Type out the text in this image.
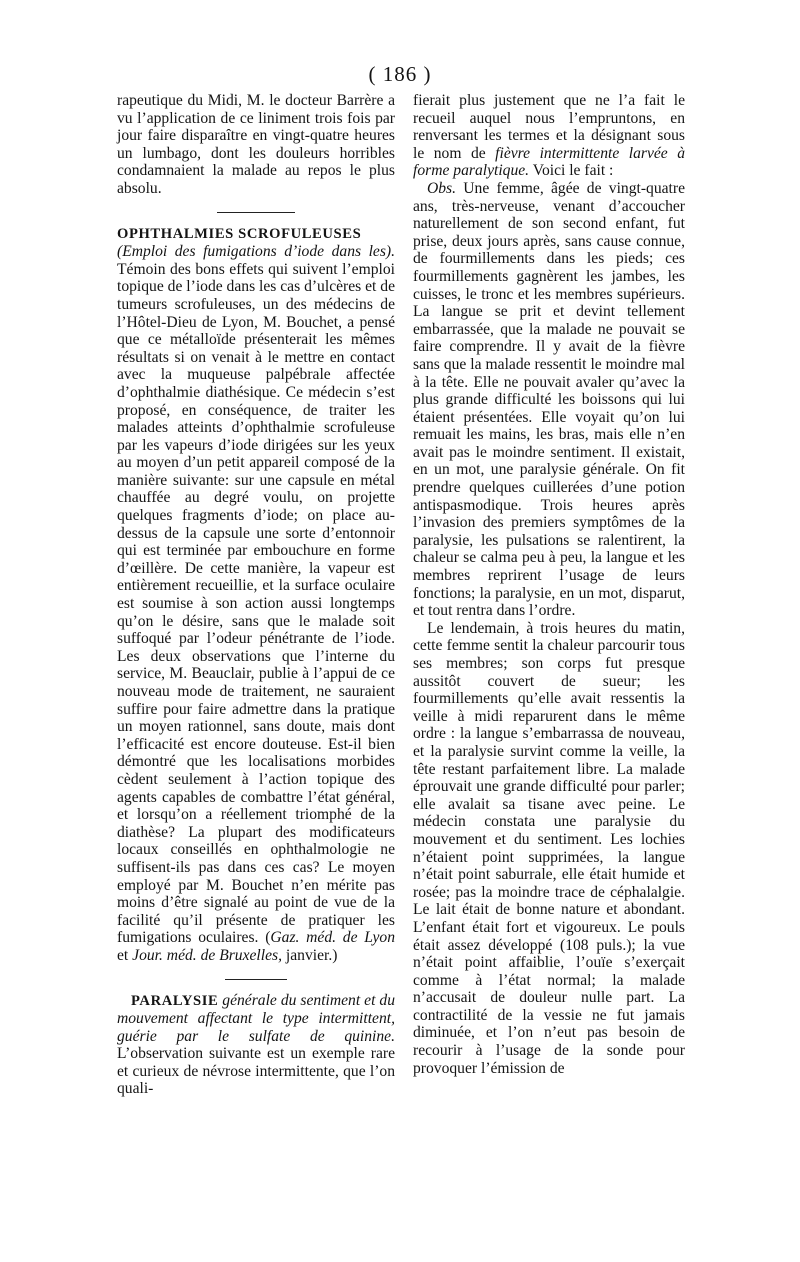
( 186 )

rapeutique du Midi, M. le docteur Barrère a vu l’application de ce liniment trois fois par jour faire disparaître en vingt-quatre heures un lumbago, dont les douleurs horribles condamnaient la malade au repos le plus absolu.

OPHTHALMIES SCROFULEUSES
(Emploi des fumigations d’iode dans les). Témoin des bons effets qui suivent l’emploi topique de l’iode dans les cas d’ulcères et de tumeurs scrofuleuses, un des médecins de l’Hôtel-Dieu de Lyon, M. Bouchet, a pensé que ce métalloïde présenterait les mêmes résultats si on venait à le mettre en contact avec la muqueuse palpébrale affectée d’ophthalmie diathésique. Ce médecin s’est proposé, en conséquence, de traiter les malades atteints d’ophthalmie scrofuleuse par les vapeurs d’iode dirigées sur les yeux au moyen d’un petit appareil composé de la manière suivante: sur une capsule en métal chauffée au degré voulu, on projette quelques fragments d’iode; on place au-dessus de la capsule une sorte d’entonnoir qui est terminée par embouchure en forme d’œillère. De cette manière, la vapeur est entièrement recueillie, et la surface oculaire est soumise à son action aussi longtemps qu’on le désire, sans que le malade soit suffoqué par l’odeur pénétrante de l’iode. Les deux observations que l’interne du service, M. Beauclair, publie à l’appui de ce nouveau mode de traitement, ne sauraient suffire pour faire admettre dans la pratique un moyen rationnel, sans doute, mais dont l’efficacité est encore douteuse. Est-il bien démontré que les localisations morbides cèdent seulement à l’action topique des agents capables de combattre l’état général, et lorsqu’on a réellement triomphé de la diathèse? La plupart des modificateurs locaux conseillés en ophthalmologie ne suffisent-ils pas dans ces cas? Le moyen employé par M. Bouchet n’en mérite pas moins d’être signalé au point de vue de la facilité qu’il présente de pratiquer les fumigations oculaires. (Gaz. méd. de Lyon et Jour. méd. de Bruxelles, janvier.)

PARALYSIE générale du sentiment et du mouvement affectant le type intermittent, guérie par le sulfate de quinine. L’observation suivante est un exemple rare et curieux de névrose intermittente, que l’on quali-

fierait plus justement que ne l’a fait le recueil auquel nous l’empruntons, en renversant les termes et la désignant sous le nom de fièvre intermittente larvée à forme paralytique. Voici le fait :

Obs. Une femme, âgée de vingt-quatre ans, très-nerveuse, venant d’accoucher naturellement de son second enfant, fut prise, deux jours après, sans cause connue, de fourmillements dans les pieds; ces fourmillements gagnèrent les jambes, les cuisses, le tronc et les membres supérieurs. La langue se prit et devint tellement embarrassée, que la malade ne pouvait se faire comprendre. Il y avait de la fièvre sans que la malade ressentit le moindre mal à la tête. Elle ne pouvait avaler qu’avec la plus grande difficulté les boissons qui lui étaient présentées. Elle voyait qu’on lui remuait les mains, les bras, mais elle n’en avait pas le moindre sentiment. Il existait, en un mot, une paralysie générale. On fit prendre quelques cuillerées d’une potion antispasmodique. Trois heures après l’invasion des premiers symptômes de la paralysie, les pulsations se ralentirent, la chaleur se calma peu à peu, la langue et les membres reprirent l’usage de leurs fonctions; la paralysie, en un mot, disparut, et tout rentra dans l’ordre.

Le lendemain, à trois heures du matin, cette femme sentit la chaleur parcourir tous ses membres; son corps fut presque aussitôt couvert de sueur; les fourmillements qu’elle avait ressentis la veille à midi reparurent dans le même ordre : la langue s’embarrassa de nouveau, et la paralysie survint comme la veille, la tête restant parfaitement libre. La malade éprouvait une grande difficulté pour parler; elle avalait sa tisane avec peine. Le médecin constata une paralysie du mouvement et du sentiment. Les lochies n’étaient point supprimées, la langue n’était point saburrale, elle était humide et rosée; pas la moindre trace de céphalalgie. Le lait était de bonne nature et abondant. L’enfant était fort et vigoureux. Le pouls était assez développé (108 puls.); la vue n’était point affaiblie, l’ouïe s’exerçait comme à l’état normal; la malade n’accusait de douleur nulle part. La contractilité de la vessie ne fut jamais diminuée, et l’on n’eut pas besoin de recourir à l’usage de la sonde pour provoquer l’émission de
